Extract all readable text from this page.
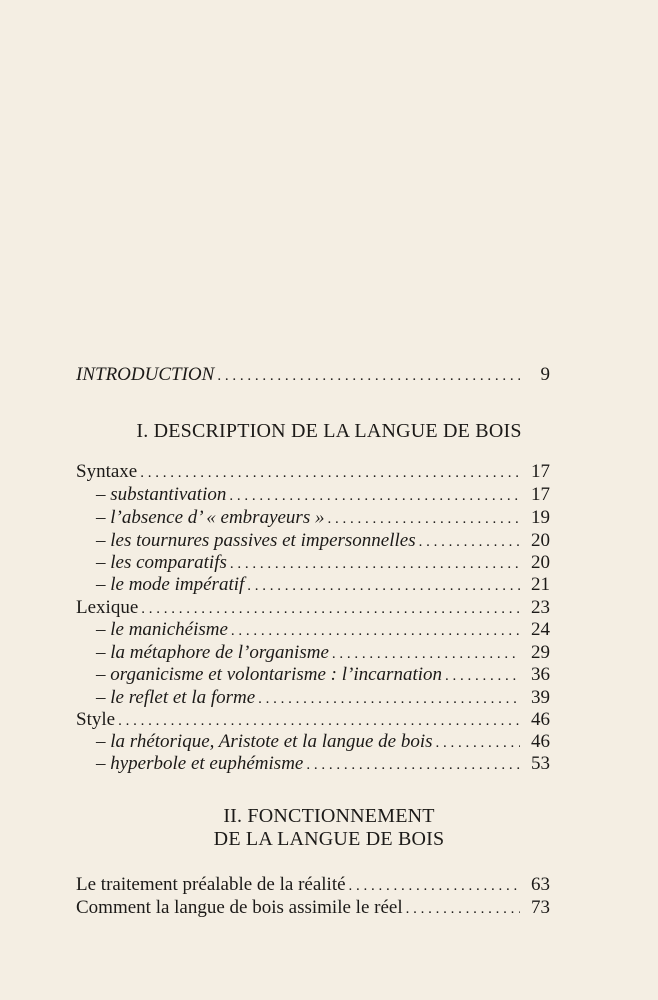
INTRODUCTION . . .	9
I. DESCRIPTION DE LA LANGUE DE BOIS
Syntaxe . . .	17
– substantivation . . .	17
– l’absence d’ « embrayeurs » . . .	19
– les tournures passives et impersonnelles . . .	20
– les comparatifs . . .	20
– le mode impératif . . .	21
Lexique . . .	23
– le manichéisme . . .	24
– la métaphore de l’organisme . . .	29
– organicisme et volontarisme : l’incarnation . . .	36
– le reflet et la forme . . .	39
Style . . .	46
– la rhétorique, Aristote et la langue de bois . . .	46
– hyperbole et euphémisme . . .	53
II. FONCTIONNEMENT
DE LA LANGUE DE BOIS
Le traitement préalable de la réalité . . .	63
Comment la langue de bois assimile le réel . . .	73
